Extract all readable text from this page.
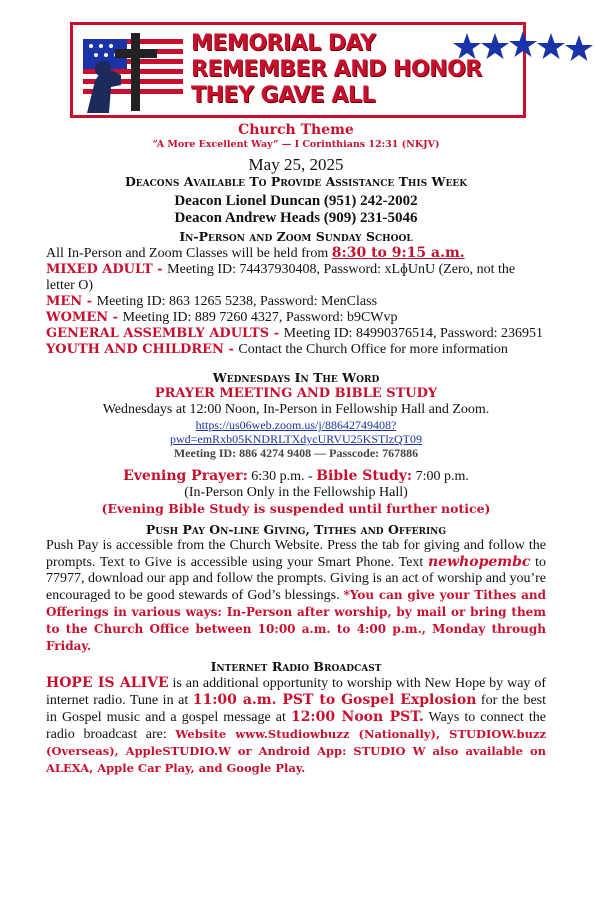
MEMORIAL DAY
REMEMBER AND HONOR
THEY GAVE ALL
Church Theme
“A More Excellent Way” — I Corinthians 12:31 (NKJV)
May 25, 2025
Deacons Available To Provide Assistance This Week
Deacon Lionel Duncan (951) 242-2002
Deacon Andrew Heads (909) 231-5046
In-Person and Zoom Sunday School
All In-Person and Zoom Classes will be held from 8:30 to 9:15 a.m.
MIXED ADULT - Meeting ID: 74437930408, Password: xLɸUnU (Zero, not the letter O)
MEN - Meeting ID: 863 1265 5238, Password: MenClass
WOMEN - Meeting ID: 889 7260 4327, Password: b9CWvp
GENERAL ASSEMBLY ADULTS - Meeting ID: 84990376514, Password: 236951
YOUTH AND CHILDREN - Contact the Church Office for more information
Wednesdays In The Word
PRAYER MEETING AND BIBLE STUDY
Wednesdays at 12:00 Noon, In-Person in Fellowship Hall and Zoom.
https://us06web.zoom.us/j/88642749408?
pwd=emRxb05KNDRLTXdycURVU25KSTlzQT09
Meeting ID: 886 4274 9408 — Passcode: 767886
Evening Prayer: 6:30 p.m. - Bible Study: 7:00 p.m.
(In-Person Only in the Fellowship Hall)
(Evening Bible Study is suspended until further notice)
Push Pay On-line Giving, Tithes and Offering
Push Pay is accessible from the Church Website. Press the tab for giving and follow the prompts. Text to Give is accessible using your Smart Phone. Text newhopembc to 77977, download our app and follow the prompts. Giving is an act of worship and you’re encouraged to be good stewards of God’s blessings. *You can give your Tithes and Offerings in various ways: In-Person after worship, by mail or bring them to the Church Office between 10:00 a.m. to 4:00 p.m., Monday through Friday.
Internet Radio Broadcast
HOPE IS ALIVE is an additional opportunity to worship with New Hope by way of internet radio. Tune in at 11:00 a.m. PST to Gospel Explosion for the best in Gospel music and a gospel message at 12:00 Noon PST. Ways to connect the radio broadcast are: Website www.Studiowbuzz (Nationally), STUDIOW.buzz (Overseas), AppleSTUDIO.W or Android App: STUDIO W also available on ALEXA, Apple Car Play, and Google Play.
